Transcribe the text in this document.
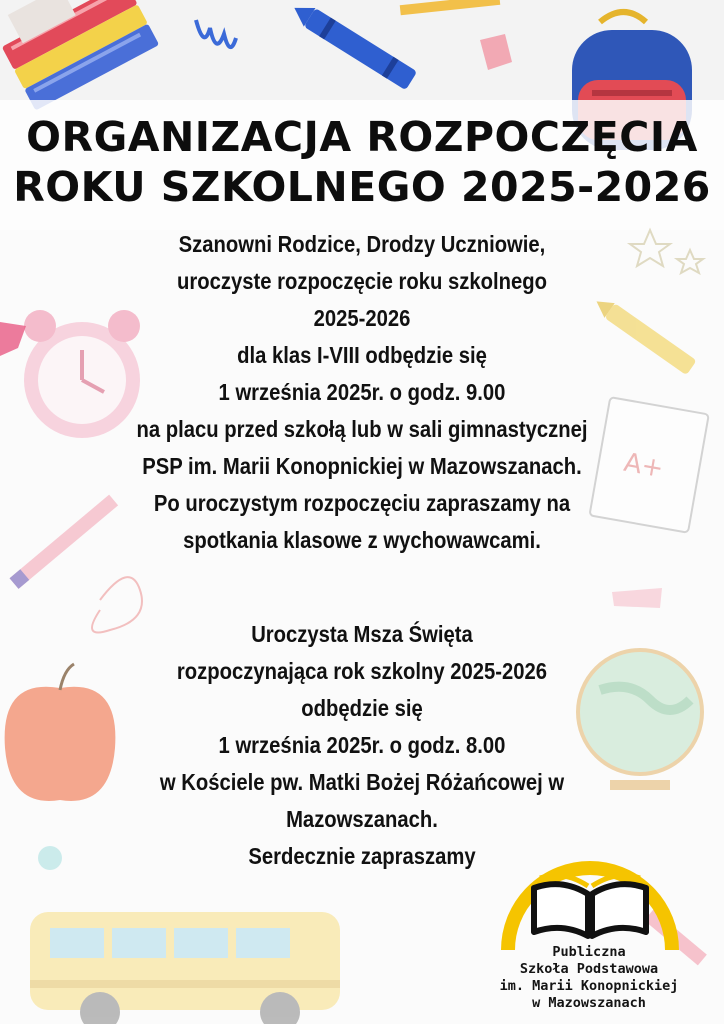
A+
ORGANIZACJA ROZPOCZĘCIA
ROKU SZKOLNEGO 2025-2026
Szanowni Rodzice, Drodzy Uczniowie,
uroczyste rozpoczęcie roku szkolnego
2025-2026
dla klas I-VIII odbędzie się
1 września 2025r. o godz. 9.00
na placu przed szkołą lub w sali gimnastycznej
PSP im. Marii Konopnickiej w Mazowszanach.
Po uroczystym rozpoczęciu zapraszamy na
spotkania klasowe z wychowawcami.
Uroczysta Msza Święta
rozpoczynająca rok szkolny 2025-2026
odbędzie się
1 września 2025r. o godz. 8.00
w Kościele pw. Matki Bożej Różańcowej w
Mazowszanach.
Serdecznie zapraszamy
Publiczna
Szkoła Podstawowa
im. Marii Konopnickiej
w Mazowszanach
